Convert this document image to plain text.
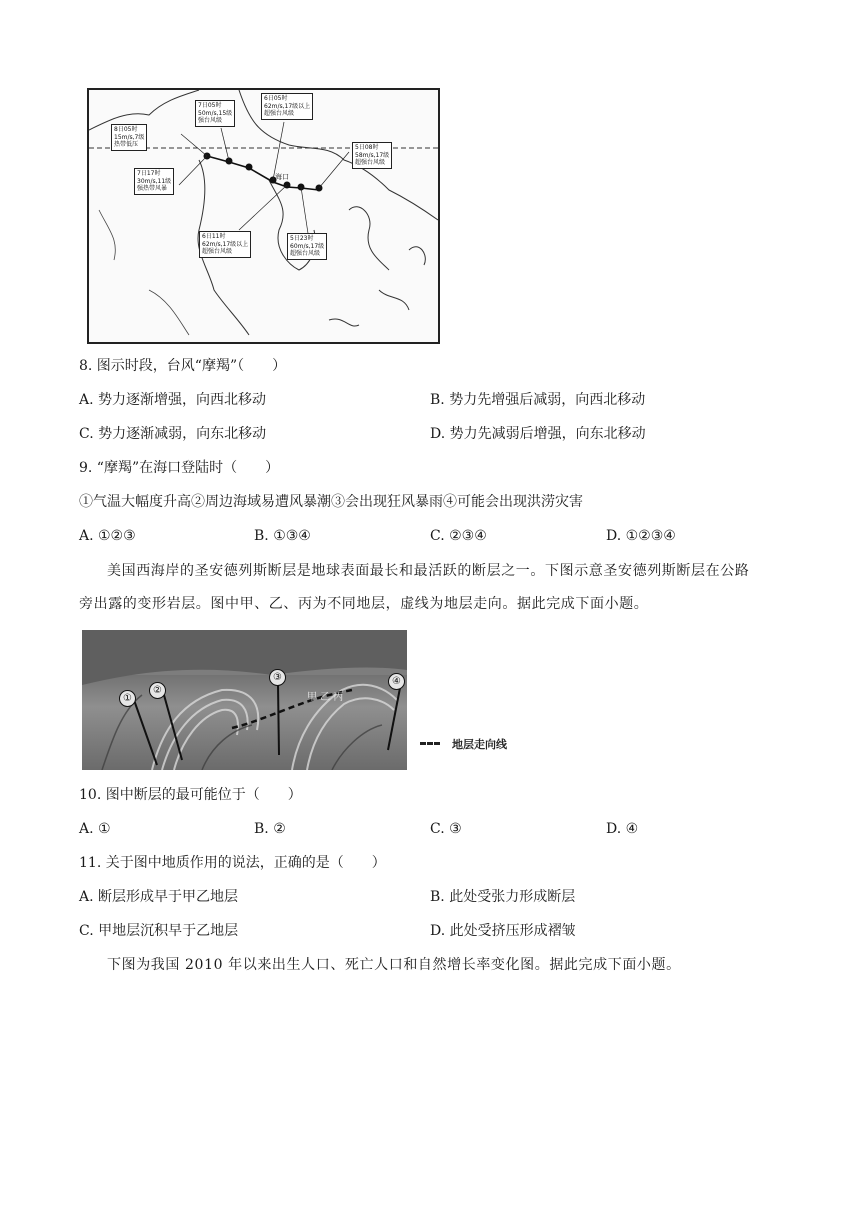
8日05时
15m/s,7级
热带低压
7日05时
50m/s,15级
强台风级
6日05时
62m/s,17级以上
超强台风级
7日17时
30m/s,11级
强热带风暴
5日08时
58m/s,17级
超强台风级
6日11时
62m/s,17级以上
超强台风级
5日23时
60m/s,17级
超强台风级
海口
8. 图示时段，台风“摩羯”（　　）
A. 势力逐渐增强，向西北移动	B. 势力先增强后减弱，向西北移动
C. 势力逐渐减弱，向东北移动	D. 势力先减弱后增强，向东北移动
9. “摩羯”在海口登陆时（　　）
①气温大幅度升高②周边海域易遭风暴潮③会出现狂风暴雨④可能会出现洪涝灾害
A. ①②③	B. ①③④	C. ②③④	D. ①②③④
美国西海岸的圣安德列斯断层是地球表面最长和最活跃的断层之一。下图示意圣安德列斯断层在公路
旁出露的变形岩层。图中甲、乙、丙为不同地层，虚线为地层走向。据此完成下面小题。
①
②
③	④
甲 乙 丙
地层走向线
10. 图中断层的最可能位于（　　）
A. ①	B. ②	C. ③	D. ④
11. 关于图中地质作用的说法，正确的是（　　）
A. 断层形成早于甲乙地层	B. 此处受张力形成断层
C. 甲地层沉积早于乙地层	D. 此处受挤压形成褶皱
下图为我国 2010 年以来出生人口、死亡人口和自然增长率变化图。据此完成下面小题。
